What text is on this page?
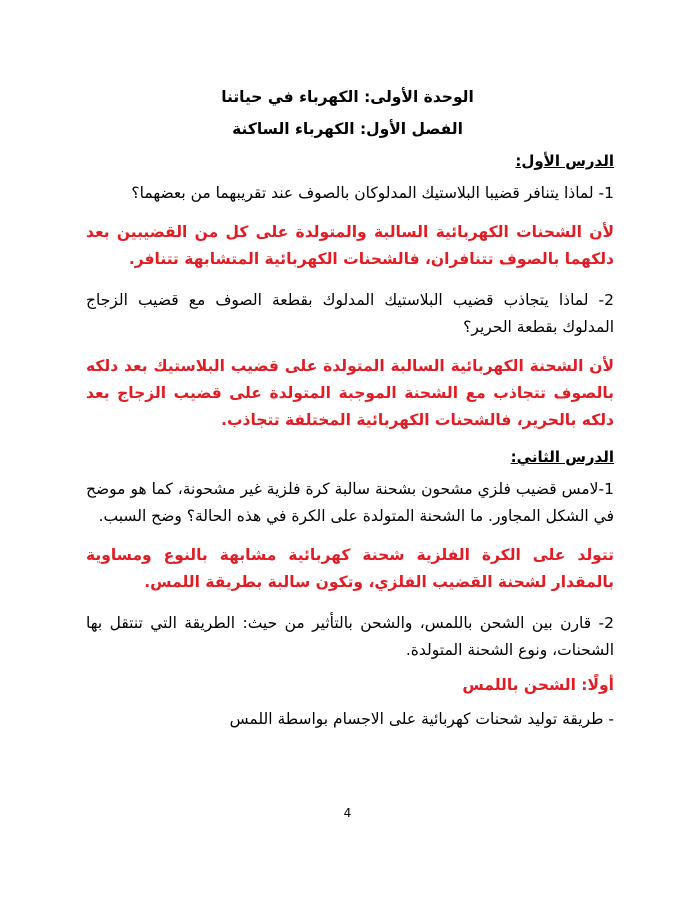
الوحدة الأولى: الكهرباء في حياتنا
الفصل الأول: الكهرباء الساكنة
الدرس الأول:

1- لماذا يتنافر قضيبا البلاستيك المدلوكان بالصوف عند تقريبهما من بعضهما؟

لأن الشحنات الكهربائية السالبة والمتولدة على كل من القضيبين بعد دلكهما بالصوف تتنافران، فالشحنات الكهربائية المتشابهة تتنافر.

2- لماذا يتجاذب قضيب البلاستيك المدلوك بقطعة الصوف مع قضيب الزجاج المدلوك بقطعة الحرير؟

لأن الشحنة الكهربائية السالبة المتولدة على قضيب البلاستيك بعد دلكه بالصوف تتجاذب مع الشحنة الموجبة المتولدة على قضيب الزجاج بعد دلكه بالحرير، فالشحنات الكهربائية المختلفة تتجاذب.

الدرس الثاني:

1-لامس قضيب فلزي مشحون بشحنة سالبة كرة فلزية غير مشحونة، كما هو موضح في الشكل المجاور. ما الشحنة المتولدة على الكرة في هذه الحالة؟ وضح السبب.

تتولد على الكرة الفلزية شحنة كهربائية مشابهة بالنوع ومساوية بالمقدار لشحنة القضيب الفلزي، وتكون سالبة بطريقة اللمس.

2- قارن بين الشحن باللمس، والشحن بالتأثير من حيث: الطريقة التي تنتقل بها الشحنات، ونوع الشحنة المتولدة.

أولًا: الشحن باللمس

- طريقة توليد شحنات كهربائية على الاجسام بواسطة اللمس

4
